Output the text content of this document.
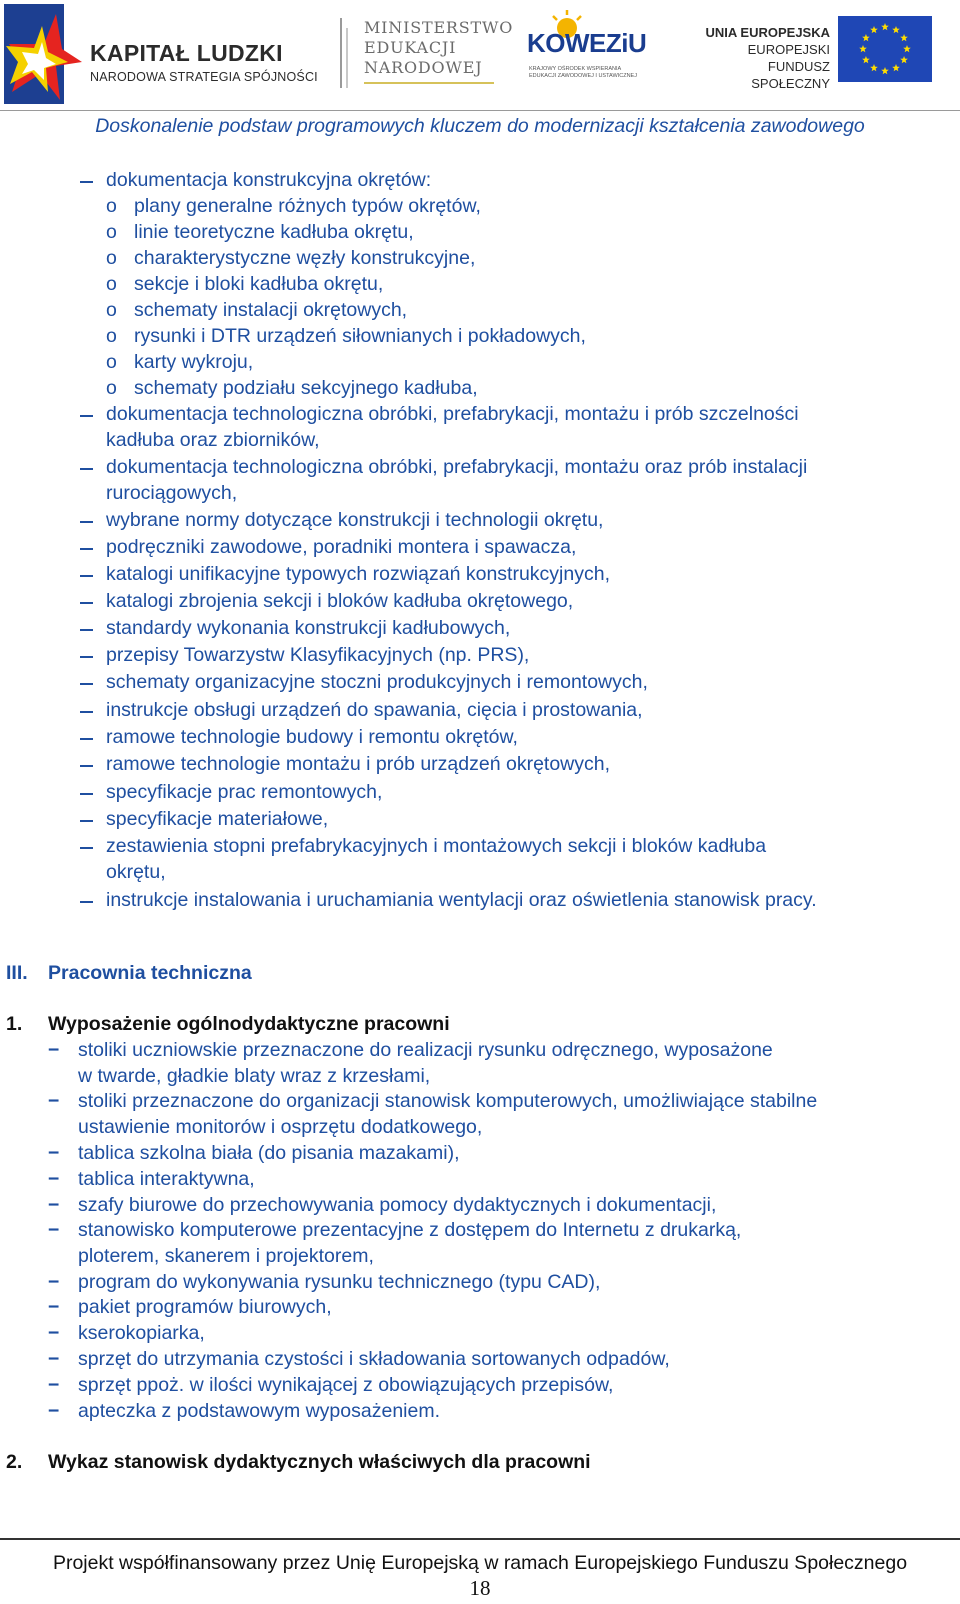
KAPITAŁ LUDZKI
NARODOWA STRATEGIA SPÓJNOŚCI
MINISTERSTWO
EDUKACJI
NARODOWEJ
KOWEZiU
KRAJOWY OŚRODEK WSPIERANIA EDUKACJI ZAWODOWEJ I USTAWICZNEJ
UNIA EUROPEJSKA
EUROPEJSKI
FUNDUSZ SPOŁECZNY
Doskonalenie podstaw programowych kluczem do modernizacji kształcenia zawodowego
dokumentacja konstrukcyjna okrętów:
o plany generalne różnych typów okrętów,
o linie teoretyczne kadłuba okrętu,
o charakterystyczne węzły konstrukcyjne,
o sekcje i bloki kadłuba okrętu,
o schematy instalacji okrętowych,
o rysunki i DTR urządzeń siłownianych i pokładowych,
o karty wykroju,
o schematy podziału sekcyjnego kadłuba,
dokumentacja technologiczna obróbki, prefabrykacji, montażu i prób szczelności
kadłuba oraz zbiorników,
dokumentacja technologiczna obróbki, prefabrykacji, montażu oraz prób instalacji
rurociągowych,
wybrane normy dotyczące konstrukcji i technologii okrętu,
podręczniki zawodowe, poradniki montera i spawacza,
katalogi unifikacyjne typowych rozwiązań konstrukcyjnych,
katalogi zbrojenia sekcji i bloków kadłuba okrętowego,
standardy wykonania konstrukcji kadłubowych,
przepisy Towarzystw Klasyfikacyjnych (np. PRS),
schematy organizacyjne stoczni produkcyjnych i remontowych,
instrukcje obsługi urządzeń do spawania, cięcia i prostowania,
ramowe technologie budowy i remontu okrętów,
ramowe technologie montażu i prób urządzeń okrętowych,
specyfikacje prac remontowych,
specyfikacje materiałowe,
zestawienia stopni prefabrykacyjnych i montażowych sekcji i bloków kadłuba
okrętu,
instrukcje instalowania i uruchamiania wentylacji oraz oświetlenia stanowisk pracy.
III. Pracownia techniczna
1. Wyposażenie ogólnodydaktyczne pracowni
− stoliki uczniowskie przeznaczone do realizacji rysunku odręcznego, wyposażone
w twarde, gładkie blaty wraz z krzesłami,
− stoliki przeznaczone do organizacji stanowisk komputerowych, umożliwiające stabilne
ustawienie monitorów i osprzętu dodatkowego,
− tablica szkolna biała (do pisania mazakami),
− tablica interaktywna,
− szafy biurowe do przechowywania pomocy dydaktycznych i dokumentacji,
− stanowisko komputerowe prezentacyjne z dostępem do Internetu z drukarką,
ploterem, skanerem i projektorem,
− program do wykonywania rysunku technicznego (typu CAD),
− pakiet programów biurowych,
− kserokopiarka,
− sprzęt do utrzymania czystości i składowania sortowanych odpadów,
− sprzęt ppoż. w ilości wynikającej z obowiązujących przepisów,
− apteczka z podstawowym wyposażeniem.
2. Wykaz stanowisk dydaktycznych właściwych dla pracowni
Projekt współfinansowany przez Unię Europejską w ramach Europejskiego Funduszu Społecznego
18
